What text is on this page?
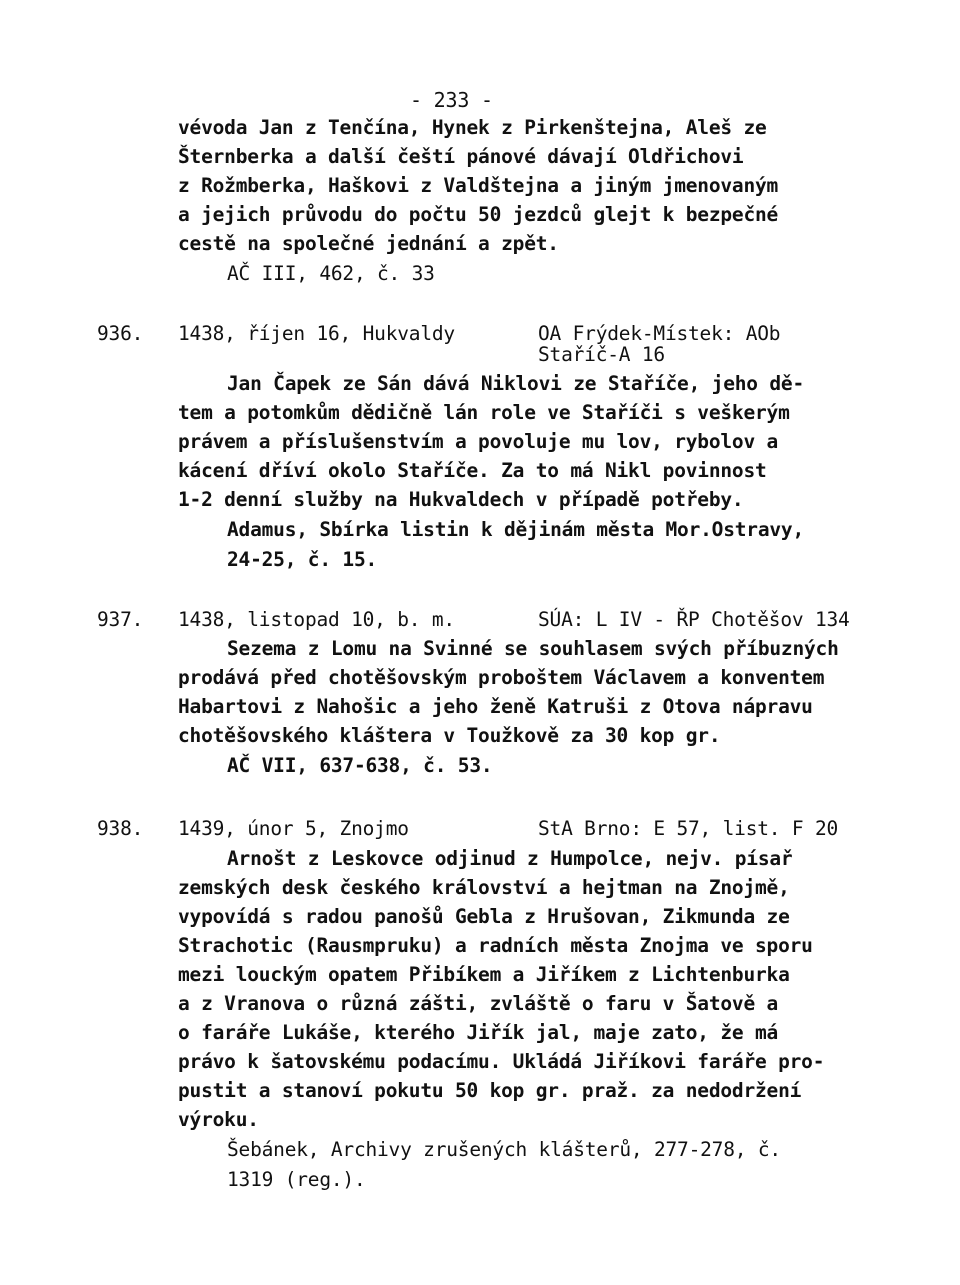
- 233 -
vévoda Jan z Tenčína, Hynek z Pirkenštejna, Aleš ze
Šternberka a další čeští pánové dávají Oldřichovi
z Rožmberka, Haškovi z Valdštejna a jiným jmenovaným
a jejich průvodu do počtu 50 jezdců glejt k bezpečné
cestě na společné jednání a zpět.
AČ III, 462, č. 33
936. 1438, říjen 16, Hukvaldy	OA Frýdek-Místek: AOb
Staříč-A 16
Jan Čapek ze Sán dává Niklovi ze Staříče, jeho dě-
tem a potomkům dědičně lán role ve Staříči s veškerým
právem a příslušenstvím a povoluje mu lov, rybolov a
kácení dříví okolo Staříče. Za to má Nikl povinnost
1-2 denní služby na Hukvaldech v případě potřeby.
Adamus, Sbírka listin k dějinám města Mor.Ostravy,
24-25, č. 15.
937. 1438, listopad 10, b. m.	SÚA: L IV - ŘP Chotěšov 134
Sezema z Lomu na Svinné se souhlasem svých příbuzných
prodává před chotěšovským proboštem Václavem a konventem
Habartovi z Nahošic a jeho ženě Katruši z Otova nápravu
chotěšovského kláštera v Toužkově za 30 kop gr.
AČ VII, 637-638, č. 53.
938. 1439, únor 5, Znojmo	StA Brno: E 57, list. F 20
Arnošt z Leskovce odjinud z Humpolce, nejv. písař
zemských desk českého království a hejtman na Znojmě,
vypovídá s radou panošů Gebla z Hrušovan, Zikmunda ze
Strachotic (Rausmpruku) a radních města Znojma ve sporu
mezi louckým opatem Přibíkem a Jiříkem z Lichtenburka
a z Vranova o různá zášti, zvláště o faru v Šatově a
o faráře Lukáše, kterého Jiřík jal, maje zato, že má
právo k šatovskému podacímu. Ukládá Jiříkovi faráře pro-
pustit a stanoví pokutu 50 kop gr. praž. za nedodržení
výroku.
Šebánek, Archivy zrušených klášterů, 277-278, č.
1319 (reg.).
